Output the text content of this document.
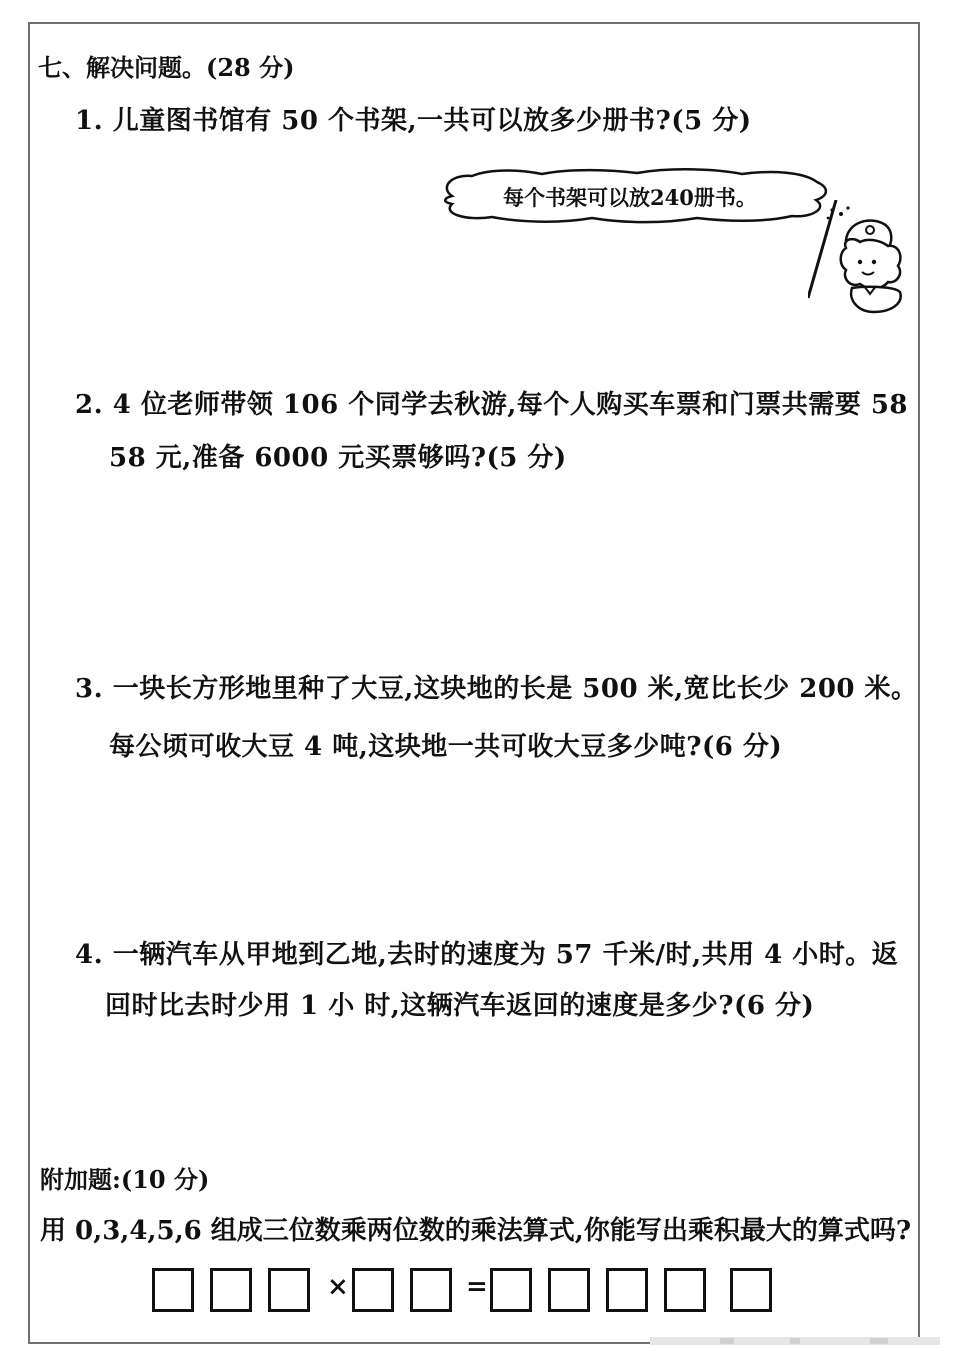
七、解决问题。(28 分)
1. 儿童图书馆有 50 个书架,一共可以放多少册书?(5 分)
每个书架可以放240册书。
2. 4 位老师带领 106 个同学去秋游,每个人购买车票和门票共需要 58
58 元,准备 6000 元买票够吗?(5 分)
3. 一块长方形地里种了大豆,这块地的长是 500 米,宽比长少 200 米。
每公顷可收大豆 4 吨,这块地一共可收大豆多少吨?(6 分)
4. 一辆汽车从甲地到乙地,去时的速度为 57 千米/时,共用 4 小时。返
回时比去时少用 1 小 时,这辆汽车返回的速度是多少?(6 分)
附加题:(10 分)
用 0,3,4,5,6 组成三位数乘两位数的乘法算式,你能写出乘积最大的算式吗?
×	=
